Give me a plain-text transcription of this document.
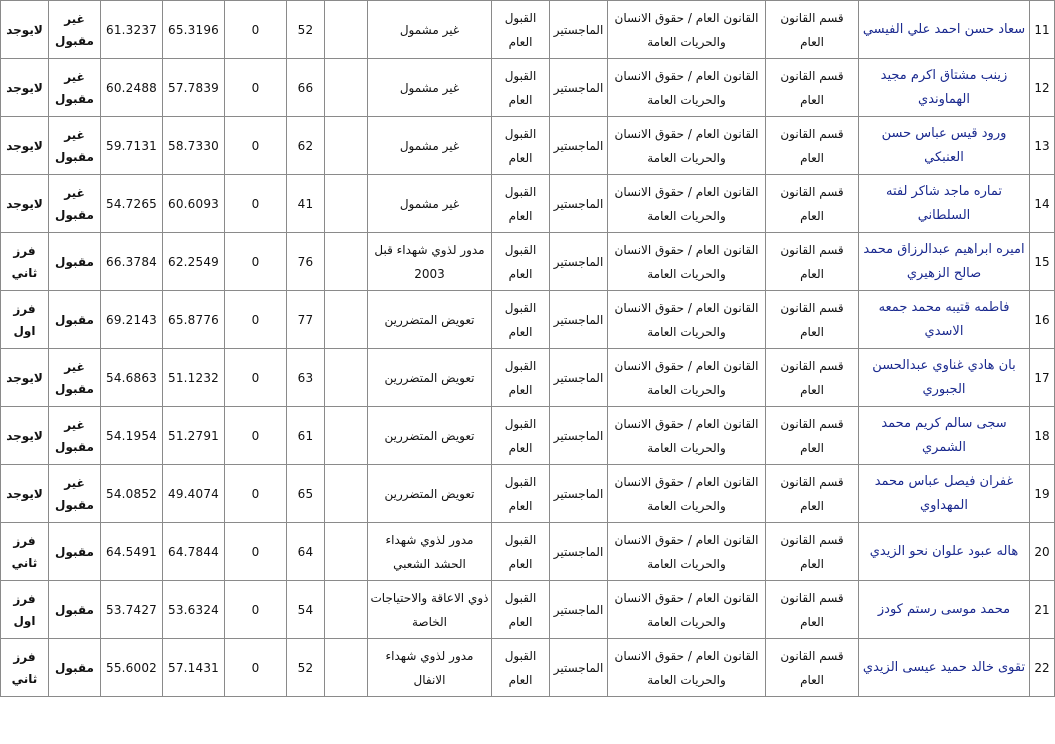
لايوجد	غير مقبول	61.3237	65.3196	0	52		غير مشمول	القبول العام	الماجستير	القانون العام / حقوق الانسان والحريات العامة	قسم القانون العام	سعاد حسن احمد علي الفيسي	11
لايوجد	غير مقبول	60.2488	57.7839	0	66		غير مشمول	القبول العام	الماجستير	القانون العام / حقوق الانسان والحريات العامة	قسم القانون العام	زينب مشتاق اكرم مجيد الهماوندي	12
لايوجد	غير مقبول	59.7131	58.7330	0	62		غير مشمول	القبول العام	الماجستير	القانون العام / حقوق الانسان والحريات العامة	قسم القانون العام	ورود قيس عباس حسن العنبكي	13
لايوجد	غير مقبول	54.7265	60.6093	0	41		غير مشمول	القبول العام	الماجستير	القانون العام / حقوق الانسان والحريات العامة	قسم القانون العام	تماره ماجد شاكر لفته السلطاني	14
فرز ثاني	مقبول	66.3784	62.2549	0	76		مدور لذوي شهداء قبل 2003	القبول العام	الماجستير	القانون العام / حقوق الانسان والحريات العامة	قسم القانون العام	اميره ابراهيم عبدالرزاق محمد صالح الزهيري	15
فرز اول	مقبول	69.2143	65.8776	0	77		تعويض المتضررين	القبول العام	الماجستير	القانون العام / حقوق الانسان والحريات العامة	قسم القانون العام	فاطمه قتيبه محمد جمعه الاسدي	16
لايوجد	غير مقبول	54.6863	51.1232	0	63		تعويض المتضررين	القبول العام	الماجستير	القانون العام / حقوق الانسان والحريات العامة	قسم القانون العام	بان هادي غناوي عبدالحسن الجبوري	17
لايوجد	غير مقبول	54.1954	51.2791	0	61		تعويض المتضررين	القبول العام	الماجستير	القانون العام / حقوق الانسان والحريات العامة	قسم القانون العام	سجى سالم كريم محمد الشمري	18
لايوجد	غير مقبول	54.0852	49.4074	0	65		تعويض المتضررين	القبول العام	الماجستير	القانون العام / حقوق الانسان والحريات العامة	قسم القانون العام	غفران فيصل عباس محمد المهداوي	19
فرز ثاني	مقبول	64.5491	64.7844	0	64		مدور لذوي شهداء الحشد الشعبي	القبول العام	الماجستير	القانون العام / حقوق الانسان والحريات العامة	قسم القانون العام	هاله عبود علوان نحو الزيدي	20
فرز اول	مقبول	53.7427	53.6324	0	54		ذوي الاعاقة والاحتياجات الخاصة	القبول العام	الماجستير	القانون العام / حقوق الانسان والحريات العامة	قسم القانون العام	محمد موسى رستم كودز	21
فرز ثاني	مقبول	55.6002	57.1431	0	52		مدور لذوي شهداء الانفال	القبول العام	الماجستير	القانون العام / حقوق الانسان والحريات العامة	قسم القانون العام	تقوى خالد حميد عيسى الزيدي	22
